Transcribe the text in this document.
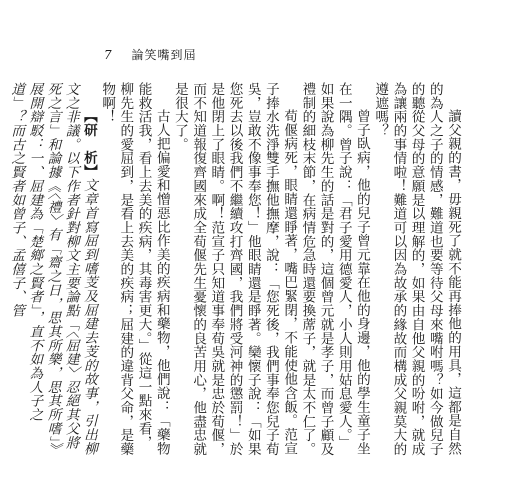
7 論笑嘴到屆

讀父親的書，毋親死了就不能再捧他的用具，這都是自然的為人之子的情感，難道也要等待父母來嘴咐嗎？如今做兒子的聽從父母的意願是以理解的，如果由自他父親的吩咐，就成為讓兩的事情啦！難道可以因為故承的緣故而構成父親莫大的遵遮嗎？

曾子臥病，他的兒子曾元靠在他的身邊，他的學生童子坐在一隅。曾子說：「君子愛用德愛人，小人則用姑息愛人。」如果說為柳先生的話是對的，這個曾元就是孝子，而曾子顧及禮制的細枝末節，在病情危急時還要換蓆子，就是太不仁了。

荀偃病死，眼睛還睜著，嘴巴緊閉，不能使他含飯。范宣子捧水洗淨雙手撫他撫摩，說：「您死後，我們事奉您兒子荀吳，豈敢不像事奉您！」他眼睛還是睜著。欒懷子說：「如果您死去以後我們不繼續攻打齊國，我們將受河神的懲罰！」於是他閉上了眼睛。啊！范宣子只知道事奉荀吳就是忠於荀偃，而不知道報復齊國來成全荀偃先生憂懷的良苦用心，他盡忠就是很大了。

古人把偏愛和憎惡比作美的疾病和藥物，他們說：「藥物能救活我，看上去美的疾病，其毒害更大。」從這一點來看，柳先生的愛屈到，是看上去美的疾病；屈建的違背父命，是藥物啊！

【研　析】文章首寫屈到嗜芰及屈建去芰的故事，引出柳文之非議。以下作者針對柳文主要論點「〈屈建〉忍絕其父將死之言」和論據《〈禮〉有「齋之日，思其所樂，思其所嗜」》展開辯駁：一、屈建為「楚鄉之賢者」，直不如為人子之道」？而古之賢者如曾子、孟僖子、管
